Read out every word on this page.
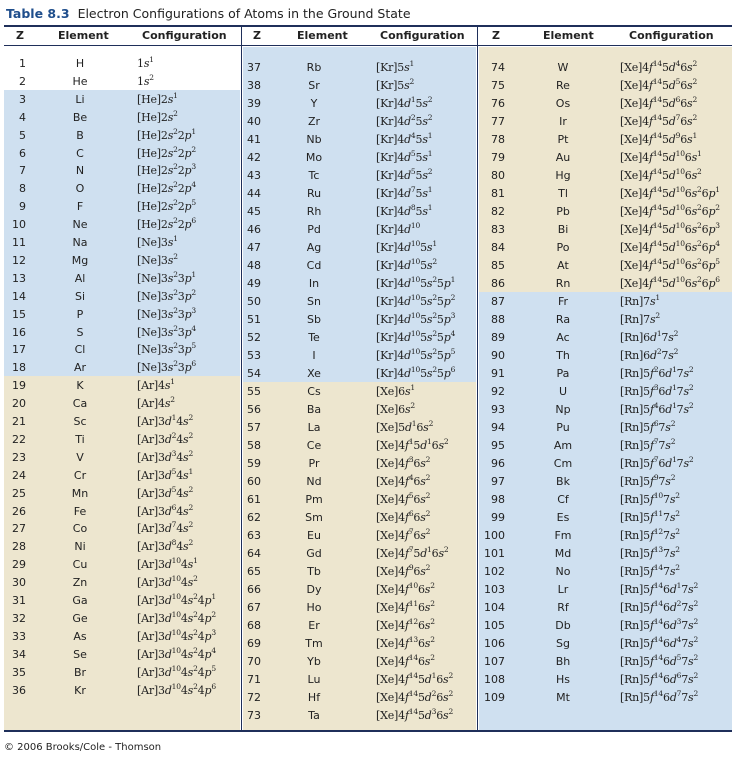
Table 8.3 Electron Configurations of Atoms in the Ground State
Z	Element	Configuration Z	Element	Configuration Z	Element	Configuration
1	H	$1s^1$
2	He	$1s^2$
3	Li	$[He]2s^1$
4	Be	$[He]2s^2$
5	B	$[He]2s^22p^1$
6	C	$[He]2s^22p^2$
7	N	$[He]2s^22p^3$
8	O	$[He]2s^22p^4$
9	F	$[He]2s^22p^5$
10	Ne	$[He]2s^22p^6$
11	Na	$[Ne]3s^1$
12	Mg	$[Ne]3s^2$
13	Al	$[Ne]3s^23p^1$
14	Si	$[Ne]3s^23p^2$
15	P	$[Ne]3s^23p^3$
16	S	$[Ne]3s^23p^4$
17	Cl	$[Ne]3s^23p^5$
18	Ar	$[Ne]3s^23p^6$
19	K	$[Ar]4s^1$
20	Ca	$[Ar]4s^2$
21	Sc	$[Ar]3d^14s^2$
22	Ti	$[Ar]3d^24s^2$
23	V	$[Ar]3d^34s^2$
24	Cr	$[Ar]3d^54s^1$
25	Mn	$[Ar]3d^54s^2$
26	Fe	$[Ar]3d^64s^2$
27	Co	$[Ar]3d^74s^2$
28	Ni	$[Ar]3d^84s^2$
29	Cu	$[Ar]3d^{10}4s^1$
30	Zn	$[Ar]3d^{10}4s^2$
31	Ga	$[Ar]3d^{10}4s^24p^1$
32	Ge	$[Ar]3d^{10}4s^24p^2$
33	As	$[Ar]3d^{10}4s^24p^3$
34	Se	$[Ar]3d^{10}4s^24p^4$
35	Br	$[Ar]3d^{10}4s^24p^5$
36	Kr	$[Ar]3d^{10}4s^24p^6$
37	Rb	$[Kr]5s^1$
38	Sr	$[Kr]5s^2$
39	Y	$[Kr]4d^15s^2$
40	Zr	$[Kr]4d^25s^2$
41	Nb	$[Kr]4d^45s^1$
42	Mo	$[Kr]4d^55s^1$
43	Tc	$[Kr]4d^55s^2$
44	Ru	$[Kr]4d^75s^1$
45	Rh	$[Kr]4d^85s^1$
46	Pd	$[Kr]4d^{10}$
47	Ag	$[Kr]4d^{10}5s^1$
48	Cd	$[Kr]4d^{10}5s^2$
49	In	$[Kr]4d^{10}5s^25p^1$
50	Sn	$[Kr]4d^{10}5s^25p^2$
51	Sb	$[Kr]4d^{10}5s^25p^3$
52	Te	$[Kr]4d^{10}5s^25p^4$
53	I	$[Kr]4d^{10}5s^25p^5$
54	Xe	$[Kr]4d^{10}5s^25p^6$
55	Cs	$[Xe]6s^1$
56	Ba	$[Xe]6s^2$
57	La	$[Xe]5d^16s^2$
58	Ce	$[Xe]4f^15d^16s^2$
59	Pr	$[Xe]4f^36s^2$
60	Nd	$[Xe]4f^46s^2$
61	Pm	$[Xe]4f^56s^2$
62	Sm	$[Xe]4f^66s^2$
63	Eu	$[Xe]4f^76s^2$
64	Gd	$[Xe]4f^75d^16s^2$
65	Tb	$[Xe]4f^96s^2$
66	Dy	$[Xe]4f^{10}6s^2$
67	Ho	$[Xe]4f^{11}6s^2$
68	Er	$[Xe]4f^{12}6s^2$
69	Tm	$[Xe]4f^{13}6s^2$
70	Yb	$[Xe]4f^{14}6s^2$
71	Lu	$[Xe]4f^{14}5d^16s^2$
72	Hf	$[Xe]4f^{14}5d^26s^2$
73	Ta	$[Xe]4f^{14}5d^36s^2$
74	W	$[Xe]4f^{14}5d^46s^2$
75	Re	$[Xe]4f^{14}5d^56s^2$
76	Os	$[Xe]4f^{14}5d^66s^2$
77	Ir	$[Xe]4f^{14}5d^76s^2$
78	Pt	$[Xe]4f^{14}5d^96s^1$
79	Au	$[Xe]4f^{14}5d^{10}6s^1$
80	Hg	$[Xe]4f^{14}5d^{10}6s^2$
81	Tl	$[Xe]4f^{14}5d^{10}6s^26p^1$
82	Pb	$[Xe]4f^{14}5d^{10}6s^26p^2$
83	Bi	$[Xe]4f^{14}5d^{10}6s^26p^3$
84	Po	$[Xe]4f^{14}5d^{10}6s^26p^4$
85	At	$[Xe]4f^{14}5d^{10}6s^26p^5$
86	Rn	$[Xe]4f^{14}5d^{10}6s^26p^6$
87	Fr	$[Rn]7s^1$
88	Ra	$[Rn]7s^2$
89	Ac	$[Rn]6d^17s^2$
90	Th	$[Rn]6d^27s^2$
91	Pa	$[Rn]5f^26d^17s^2$
92	U	$[Rn]5f^36d^17s^2$
93	Np	$[Rn]5f^46d^17s^2$
94	Pu	$[Rn]5f^67s^2$
95	Am	$[Rn]5f^77s^2$
96	Cm	$[Rn]5f^76d^17s^2$
97	Bk	$[Rn]5f^97s^2$
98	Cf	$[Rn]5f^{10}7s^2$
99	Es	$[Rn]5f^{11}7s^2$
100	Fm	$[Rn]5f^{12}7s^2$
101	Md	$[Rn]5f^{13}7s^2$
102	No	$[Rn]5f^{14}7s^2$
103	Lr	$[Rn]5f^{14}6d^17s^2$
104	Rf	$[Rn]5f^{14}6d^27s^2$
105	Db	$[Rn]5f^{14}6d^37s^2$
106	Sg	$[Rn]5f^{14}6d^47s^2$
107	Bh	$[Rn]5f^{14}6d^57s^2$
108	Hs	$[Rn]5f^{14}6d^67s^2$
109	Mt	$[Rn]5f^{14}6d^77s^2$
© 2006 Brooks/Cole - Thomson
